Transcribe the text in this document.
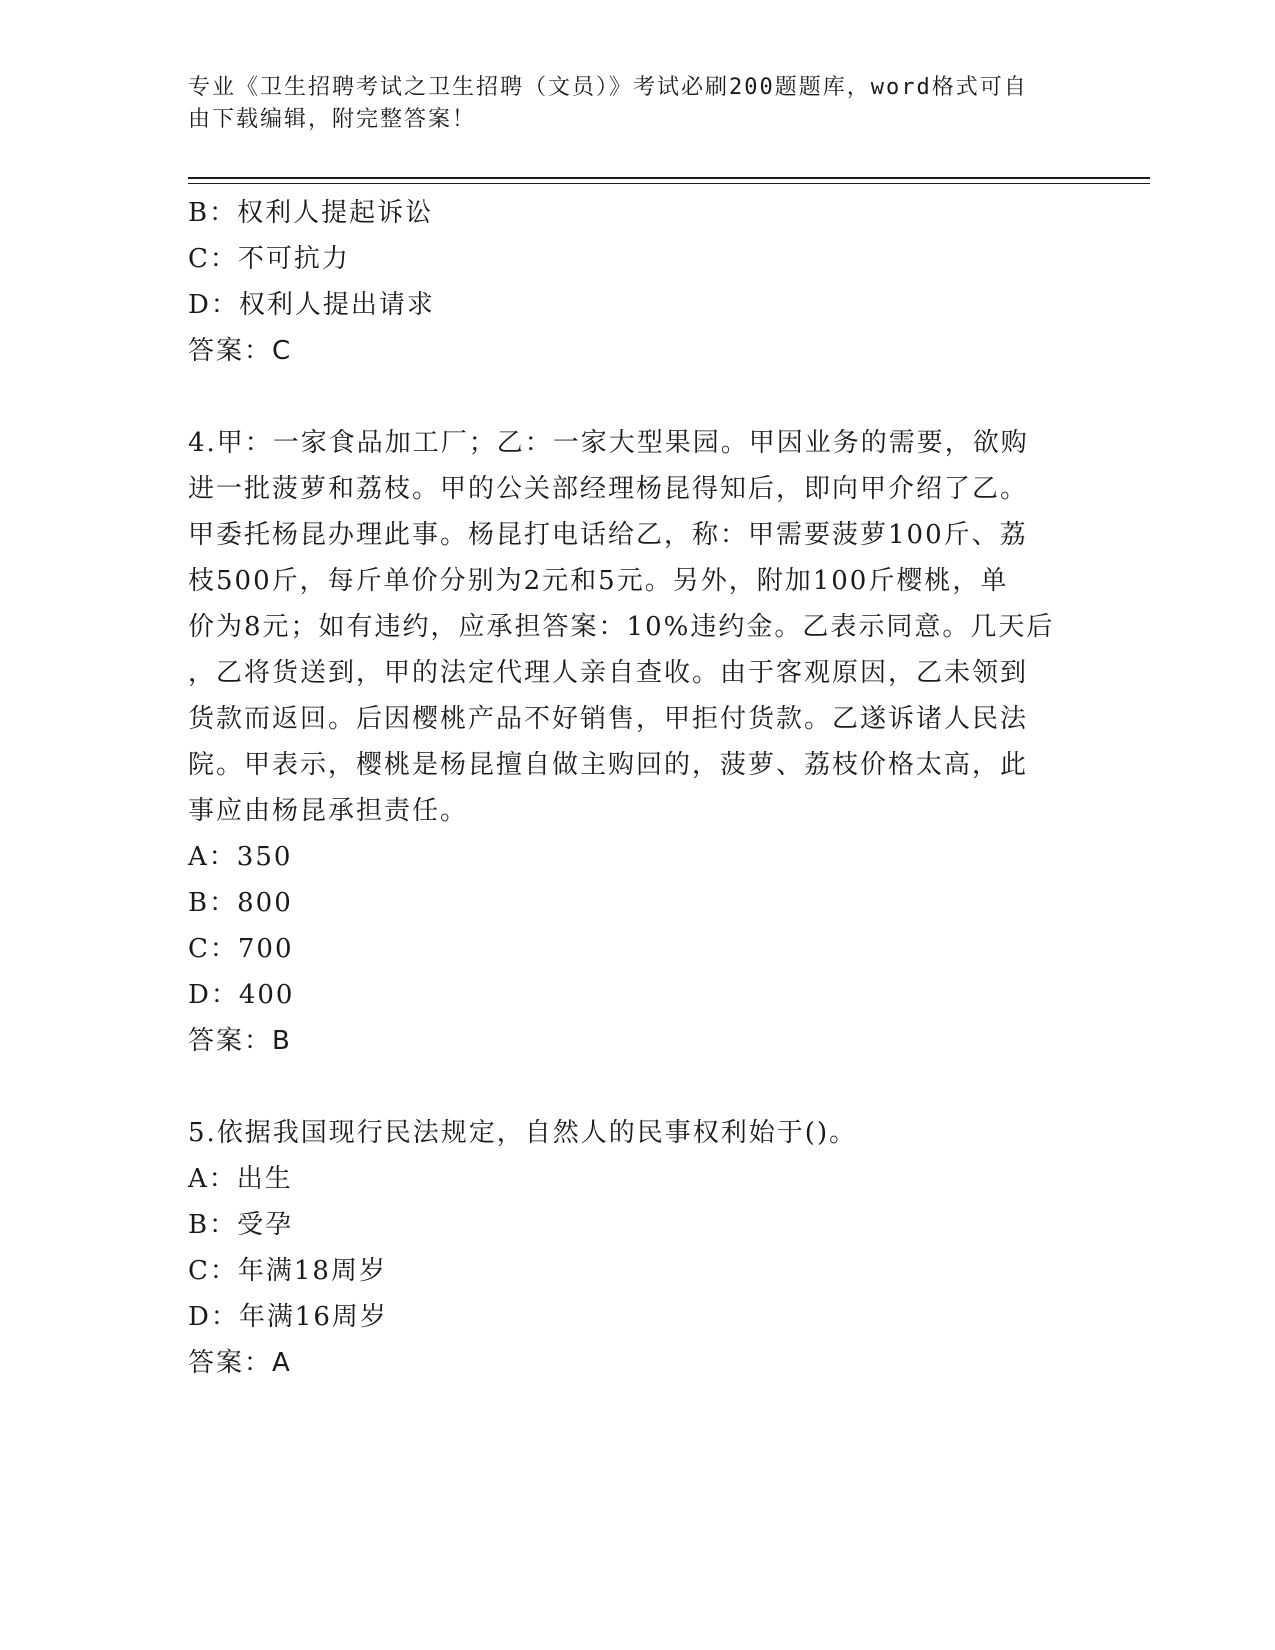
专业《卫生招聘考试之卫生招聘（文员）》考试必刷200题题库，word格式可自
由下载编辑，附完整答案！
B：权利人提起诉讼
C：不可抗力
D：权利人提出请求
答案：C
4.甲：一家食品加工厂；乙：一家大型果园。甲因业务的需要，欲购
进一批菠萝和荔枝。甲的公关部经理杨昆得知后，即向甲介绍了乙。
甲委托杨昆办理此事。杨昆打电话给乙，称：甲需要菠萝100斤、荔
枝500斤，每斤单价分别为2元和5元。另外，附加100斤樱桃，单
价为8元；如有违约，应承担答案：10%违约金。乙表示同意。几天后
，乙将货送到，甲的法定代理人亲自查收。由于客观原因，乙未领到
货款而返回。后因樱桃产品不好销售，甲拒付货款。乙遂诉诸人民法
院。甲表示，樱桃是杨昆擅自做主购回的，菠萝、荔枝价格太高，此
事应由杨昆承担责任。
A：350
B：800
C：700
D：400
答案：B
5.依据我国现行民法规定，自然人的民事权利始于()。
A：出生
B：受孕
C：年满18周岁
D：年满16周岁
答案：A
